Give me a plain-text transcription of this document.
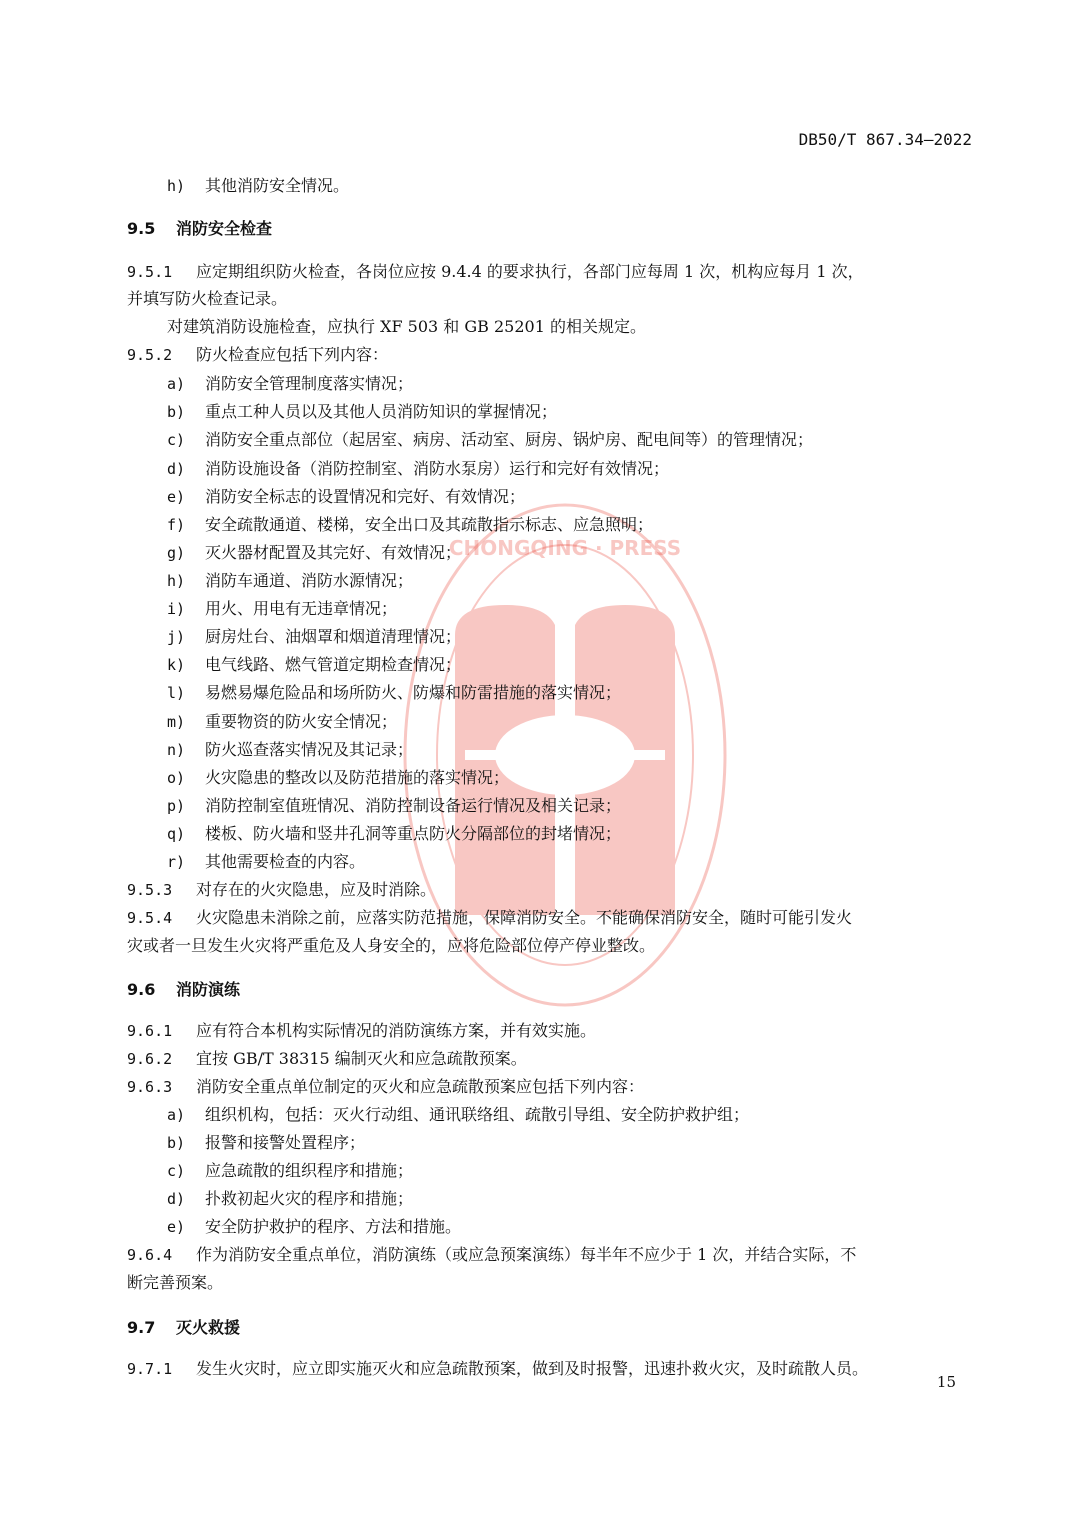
CHONGQING · PRESS
DB50/T 867.34—2022
h) 其他消防安全情况。
9.5 消防安全检查
9.5.1 应定期组织防火检查，各岗位应按 9.4.4 的要求执行，各部门应每周 1 次，机构应每月 1 次，
并填写防火检查记录。
对建筑消防设施检查，应执行 XF 503 和 GB 25201 的相关规定。
9.5.2 防火检查应包括下列内容：
a) 消防安全管理制度落实情况；
b) 重点工种人员以及其他人员消防知识的掌握情况；
c) 消防安全重点部位（起居室、病房、活动室、厨房、锅炉房、配电间等）的管理情况；
d) 消防设施设备（消防控制室、消防水泵房）运行和完好有效情况；
e) 消防安全标志的设置情况和完好、有效情况；
f) 安全疏散通道、楼梯，安全出口及其疏散指示标志、应急照明；
g) 灭火器材配置及其完好、有效情况；
h) 消防车通道、消防水源情况；
i) 用火、用电有无违章情况；
j) 厨房灶台、油烟罩和烟道清理情况；
k) 电气线路、燃气管道定期检查情况；
l) 易燃易爆危险品和场所防火、防爆和防雷措施的落实情况；
m) 重要物资的防火安全情况；
n) 防火巡查落实情况及其记录；
o) 火灾隐患的整改以及防范措施的落实情况；
p) 消防控制室值班情况、消防控制设备运行情况及相关记录；
q) 楼板、防火墙和竖井孔洞等重点防火分隔部位的封堵情况；
r) 其他需要检查的内容。
9.5.3 对存在的火灾隐患，应及时消除。
9.5.4 火灾隐患未消除之前，应落实防范措施，保障消防安全。不能确保消防安全，随时可能引发火
灾或者一旦发生火灾将严重危及人身安全的，应将危险部位停产停业整改。
9.6 消防演练
9.6.1 应有符合本机构实际情况的消防演练方案，并有效实施。
9.6.2 宜按 GB/T 38315 编制灭火和应急疏散预案。
9.6.3 消防安全重点单位制定的灭火和应急疏散预案应包括下列内容：
a) 组织机构，包括：灭火行动组、通讯联络组、疏散引导组、安全防护救护组；
b) 报警和接警处置程序；
c) 应急疏散的组织程序和措施；
d) 扑救初起火灾的程序和措施；
e) 安全防护救护的程序、方法和措施。
9.6.4 作为消防安全重点单位，消防演练（或应急预案演练）每半年不应少于 1 次，并结合实际，不
断完善预案。
9.7 灭火救援
9.7.1 发生火灾时，应立即实施灭火和应急疏散预案，做到及时报警，迅速扑救火灾，及时疏散人员。
15
